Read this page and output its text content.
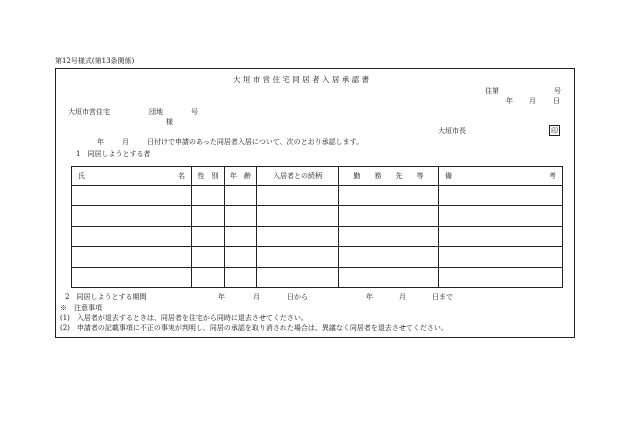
第12号様式(第13条関係)
大 垣 市 営 住 宅 同 居 者 入 居 承 認 書
住第	号
年 月 日
大垣市営住宅	団地	号
様
大垣市長	印
年	月	日付けで申請のあった同居者入居について、次のとおり承認します。
1　同居しようとする者
氏 名	性　別	年　齢	入居者との続柄	勤　　務　　先　　等	備 考

2　同居しようとする期間	年	月	日から	年	月	日まで
※　注意事項
(1)　入居者が退去するときは、同居者を住宅から同時に退去させてください。
(2)　申請者の記載事項に不正の事実が判明し、同居の承認を取り消された場合は、異議なく同居者を退去させてください。
